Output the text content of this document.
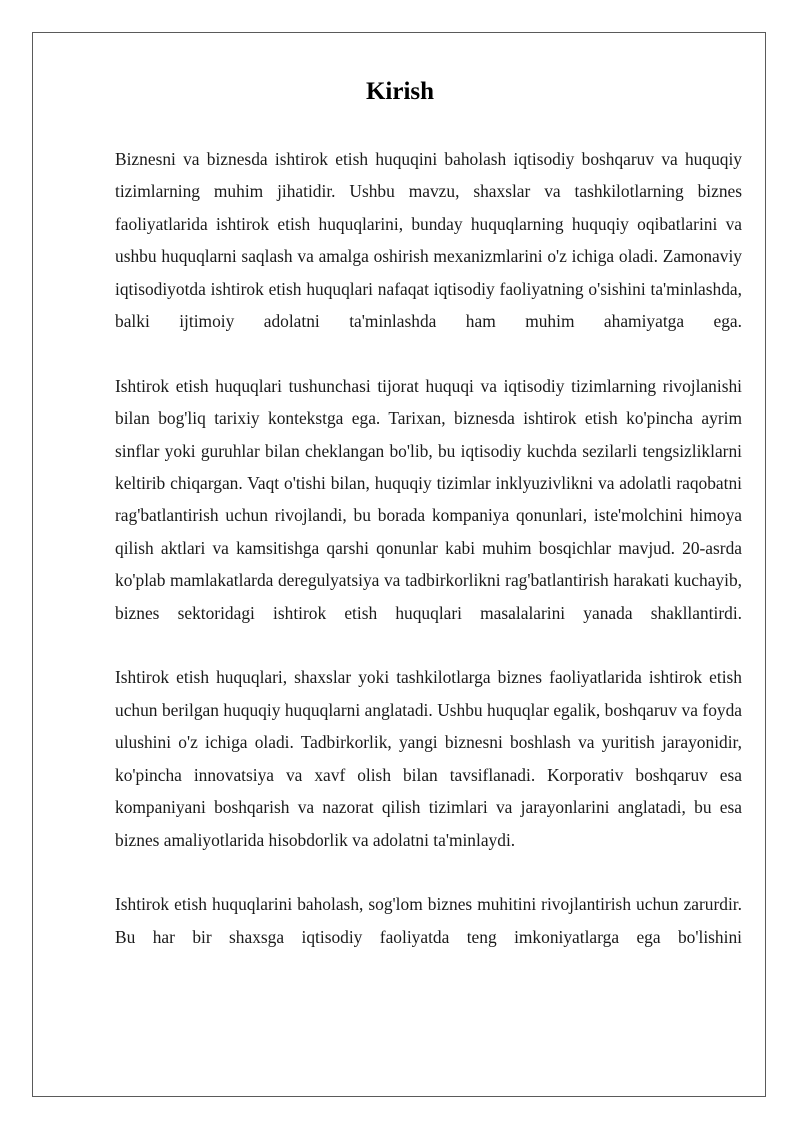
Kirish

Biznesni va biznesda ishtirok etish huquqini baholash iqtisodiy boshqaruv va huquqiy tizimlarning muhim jihatidir. Ushbu mavzu, shaxslar va tashkilotlarning biznes faoliyatlarida ishtirok etish huquqlarini, bunday huquqlarning huquqiy oqibatlarini va ushbu huquqlarni saqlash va amalga oshirish mexanizmlarini o'z ichiga oladi. Zamonaviy iqtisodiyotda ishtirok etish huquqlari nafaqat iqtisodiy faoliyatning o'sishini ta'minlashda, balki ijtimoiy adolatni ta'minlashda ham muhim ahamiyatga ega.

Ishtirok etish huquqlari tushunchasi tijorat huquqi va iqtisodiy tizimlarning rivojlanishi bilan bog'liq tarixiy kontekstga ega. Tarixan, biznesda ishtirok etish ko'pincha ayrim sinflar yoki guruhlar bilan cheklangan bo'lib, bu iqtisodiy kuchda sezilarli tengsizliklarni keltirib chiqargan. Vaqt o'tishi bilan, huquqiy tizimlar inklyuzivlikni va adolatli raqobatni rag'batlantirish uchun rivojlandi, bu borada kompaniya qonunlari, iste'molchini himoya qilish aktlari va kamsitishga qarshi qonunlar kabi muhim bosqichlar mavjud. 20-asrda ko'plab mamlakatlarda deregulyatsiya va tadbirkorlikni rag'batlantirish harakati kuchayib, biznes sektoridagi ishtirok etish huquqlari masalalarini yanada shakllantirdi.

Ishtirok etish huquqlari, shaxslar yoki tashkilotlarga biznes faoliyatlarida ishtirok etish uchun berilgan huquqiy huquqlarni anglatadi. Ushbu huquqlar egalik, boshqaruv va foyda ulushini o'z ichiga oladi. Tadbirkorlik, yangi biznesni boshlash va yuritish jarayonidir, ko'pincha innovatsiya va xavf olish bilan tavsiflanadi. Korporativ boshqaruv esa kompaniyani boshqarish va nazorat qilish tizimlari va jarayonlarini anglatadi, bu esa biznes amaliyotlarida hisobdorlik va adolatni ta'minlaydi.

Ishtirok etish huquqlarini baholash, sog'lom biznes muhitini rivojlantirish uchun zarurdir. Bu har bir shaxsga iqtisodiy faoliyatda teng imkoniyatlarga ega bo'lishini
